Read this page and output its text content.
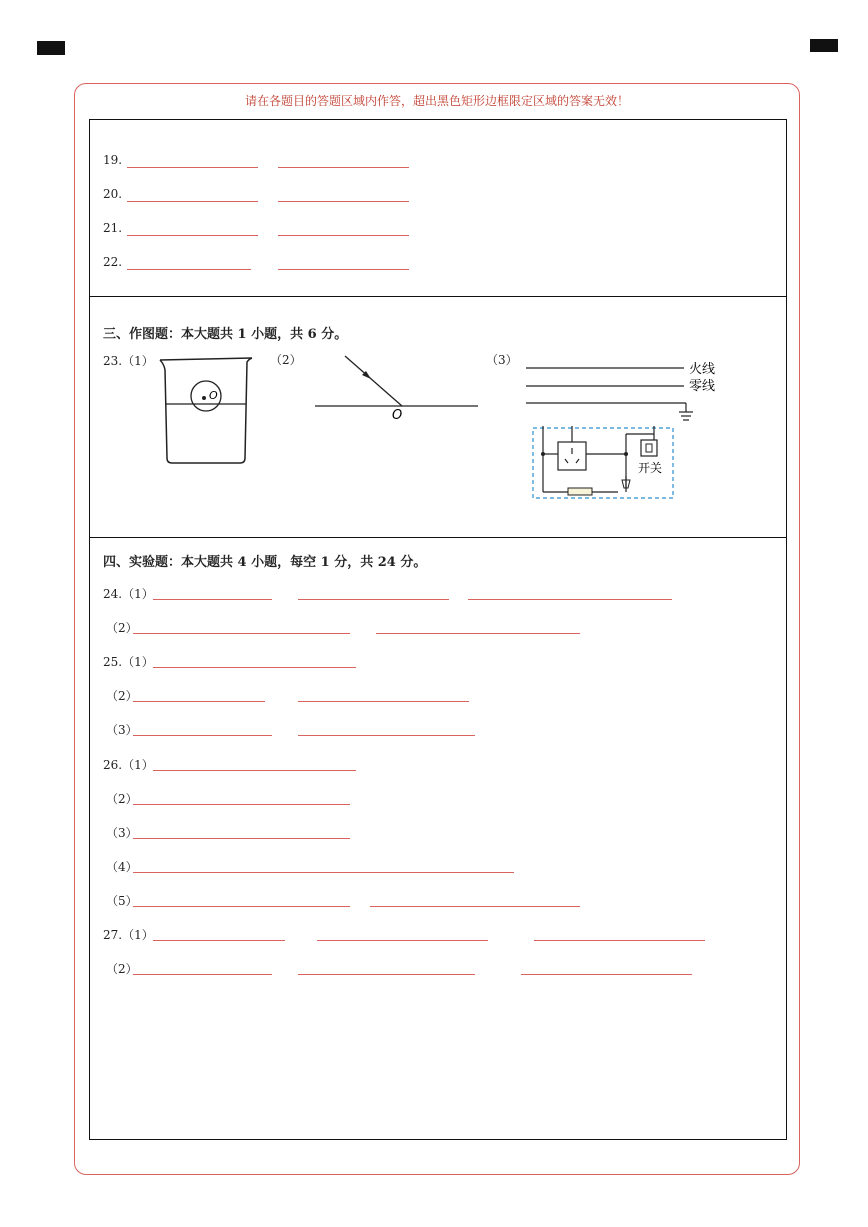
请在各题目的答题区域内作答，超出黑色矩形边框限定区域的答案无效！
19.
20.
21.
22.
三、作图题：本大题共 1 小题，共 6 分。
23.（1）	（2）	（3）
O
O
火线
零线
开关
四、实验题：本大题共 4 小题，每空 1 分，共 24 分。
24.（1）
（2）
25.（1）
（2）
（3）
26.（1）
（2）
（3）
（4）
（5）
27.（1）
（2）
